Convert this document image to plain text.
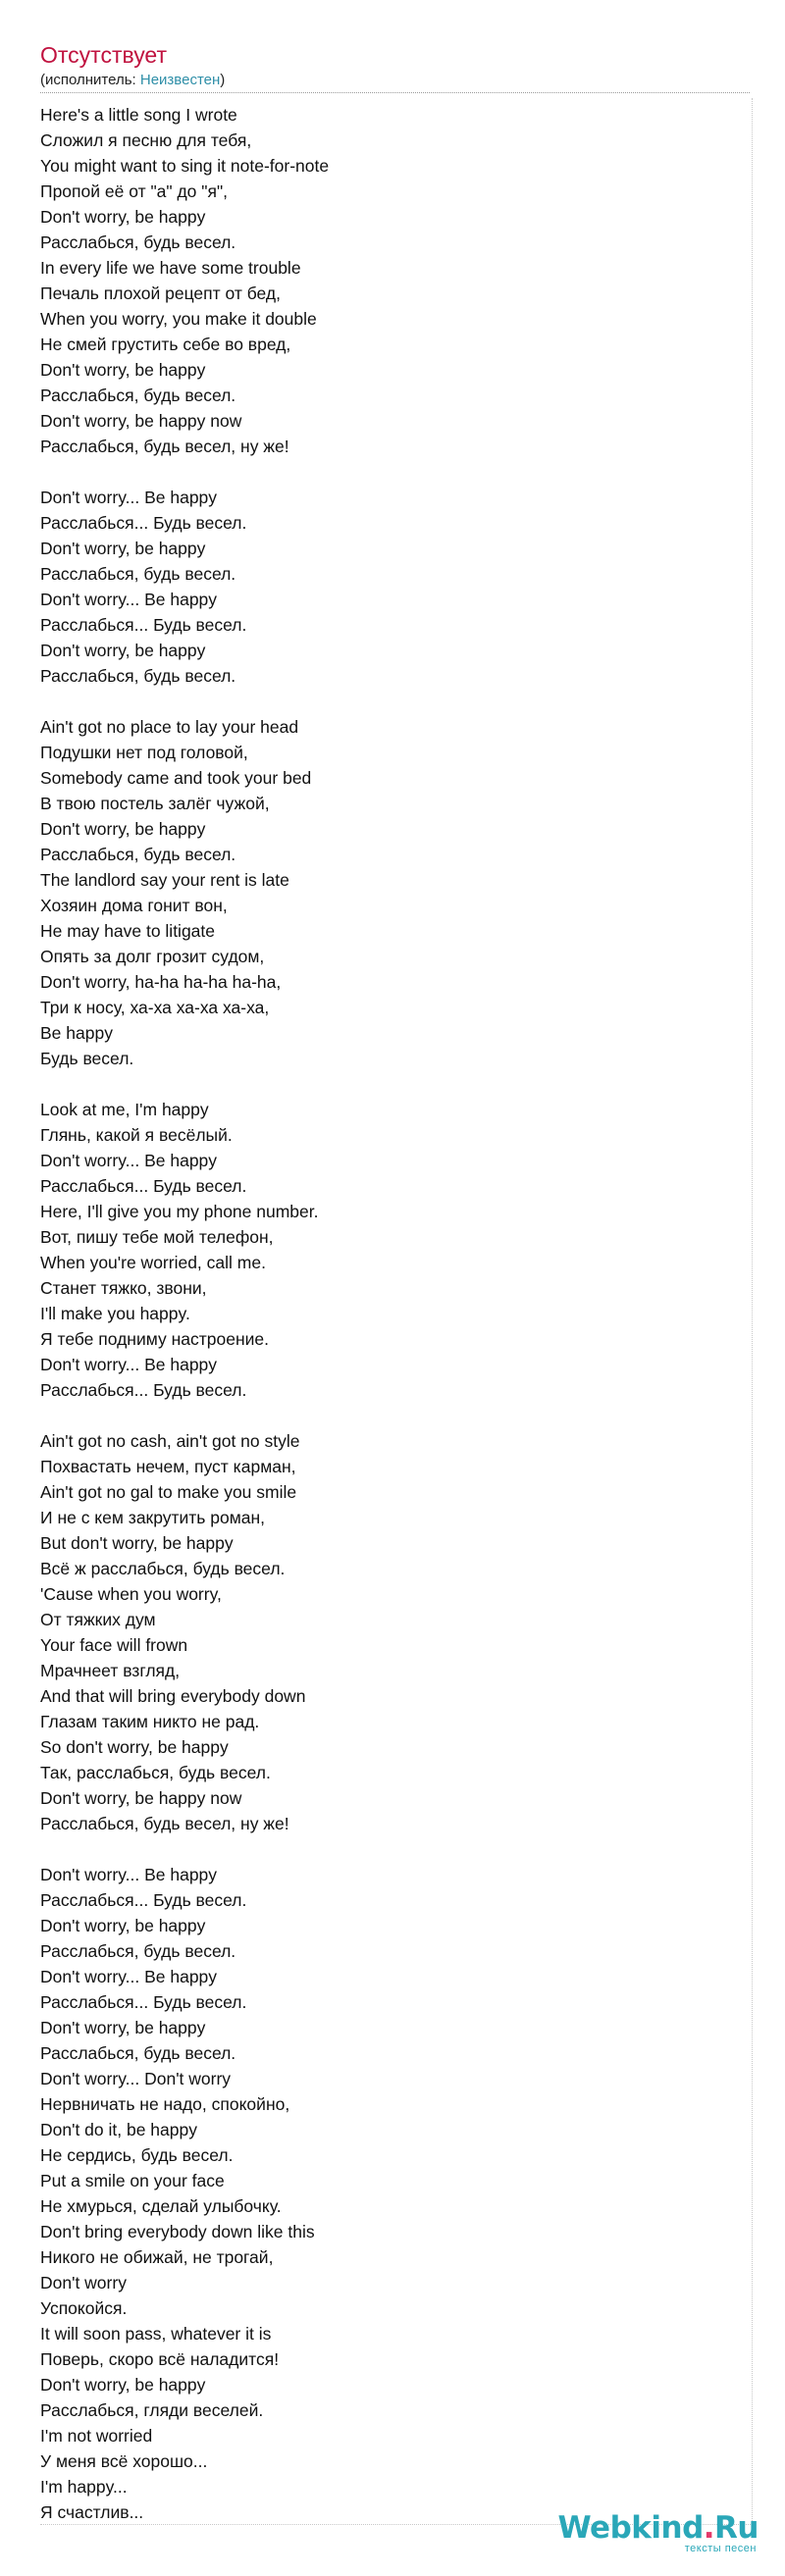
Отсутствует
(исполнитель: Неизвестен)
Here's a little song I wrote
Сложил я песню для тебя,
You might want to sing it note-for-note
Пропой её от "а" до "я",
Don't worry, be happy
Расслабься, будь весел.
In every life we have some trouble
Печаль плохой рецепт от бед,
When you worry, you make it double
Не смей грустить себе во вред,
Don't worry, be happy
Расслабься, будь весел.
Don't worry, be happy now
Расслабься, будь весел, ну же!
Don't worry... Be happy
Расслабься... Будь весел.
Don't worry, be happy
Расслабься, будь весел.
Don't worry... Be happy
Расслабься... Будь весел.
Don't worry, be happy
Расслабься, будь весел.
Ain't got no place to lay your head
Подушки нет под головой,
Somebody came and took your bed
В твою постель залёг чужой,
Don't worry, be happy
Расслабься, будь весел.
The landlord say your rent is late
Хозяин дома гонит вон,
He may have to litigate
Опять за долг грозит судом,
Don't worry, ha-ha ha-ha ha-ha,
Три к носу, ха-ха ха-ха ха-ха,
Be happy
Будь весел.
Look at me, I'm happy
Глянь, какой я весёлый.
Don't worry... Be happy
Расслабься... Будь весел.
Here, I'll give you my phone number.
Вот, пишу тебе мой телефон,
When you're worried, call me.
Станет тяжко, звони,
I'll make you happy.
Я тебе подниму настроение.
Don't worry... Be happy
Расслабься... Будь весел.
Ain't got no cash, ain't got no style
Похвастать нечем, пуст карман,
Ain't got no gal to make you smile
И не с кем закрутить роман,
But don't worry, be happy
Всё ж расслабься, будь весел.
'Cause when you worry,
От тяжких дум
Your face will frown
Мрачнеет взгляд,
And that will bring everybody down
Глазам таким никто не рад.
So don't worry, be happy
Так, расслабься, будь весел.
Don't worry, be happy now
Расслабься, будь весел, ну же!
Don't worry... Be happy
Расслабься... Будь весел.
Don't worry, be happy
Расслабься, будь весел.
Don't worry... Be happy
Расслабься... Будь весел.
Don't worry, be happy
Расслабься, будь весел.
Don't worry... Don't worry
Нервничать не надо, спокойно,
Don't do it, be happy
Не сердись, будь весел.
Put a smile on your face
Не хмурься, сделай улыбочку.
Don't bring everybody down like this
Никого не обижай, не трогай,
Don't worry
Успокойся.
It will soon pass, whatever it is
Поверь, скоро всё наладится!
Don't worry, be happy
Расслабься, гляди веселей.
I'm not worried
У меня всё хорошо...
I'm happy...
Я счастлив...	Webkind.Ru
тексты песен
